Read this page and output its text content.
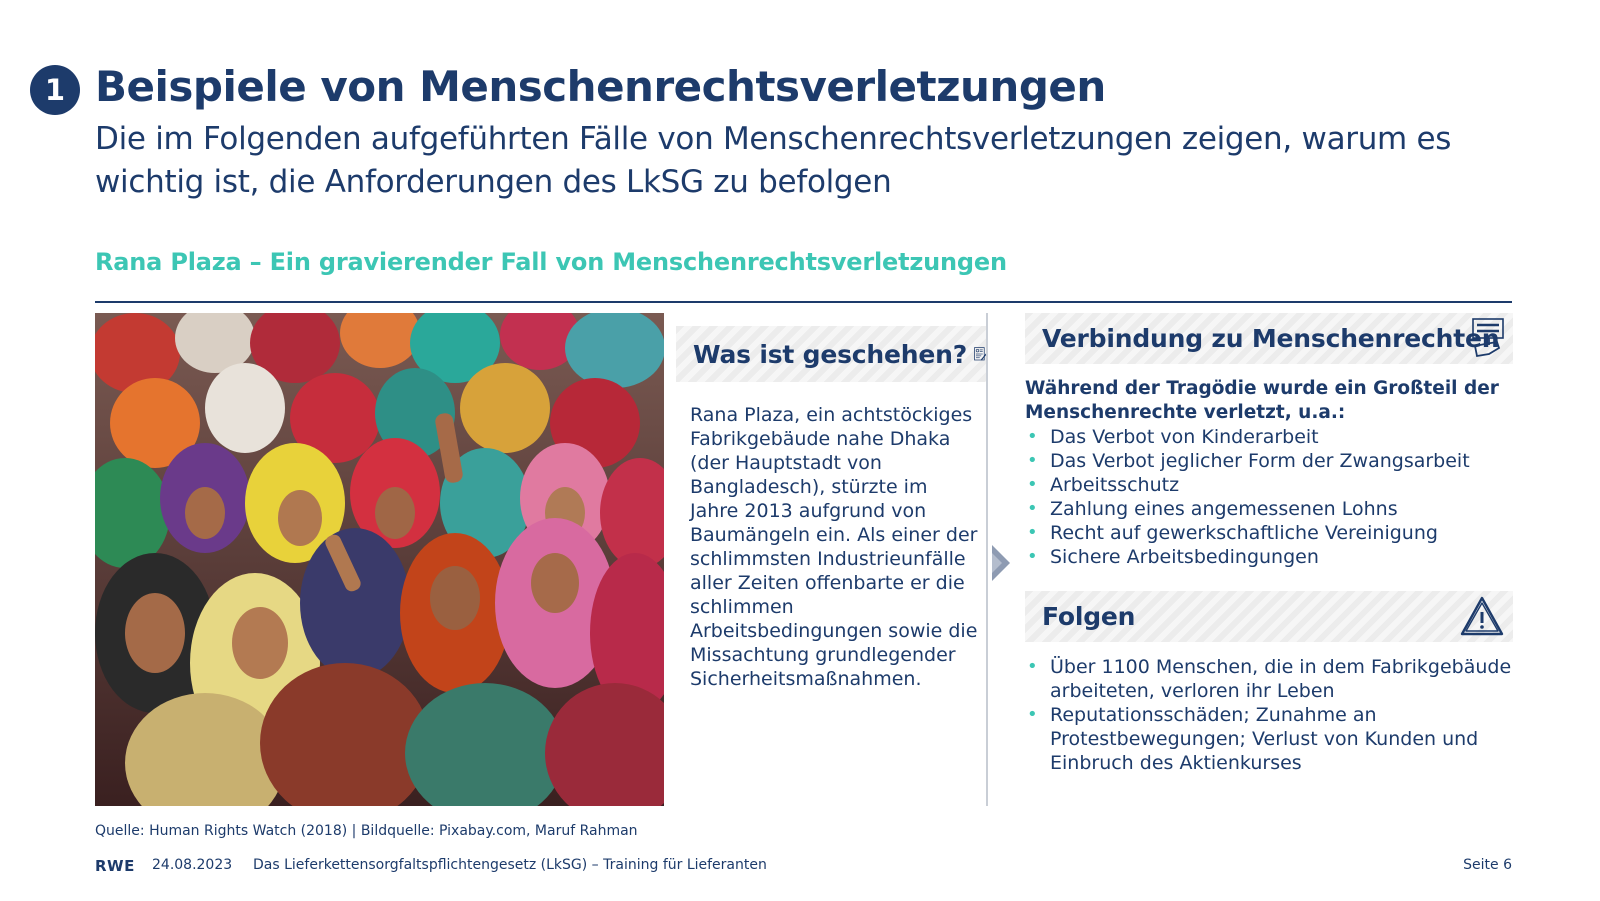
1 Beispiele von Menschenrechtsverletzungen

Die im Folgenden aufgeführten Fälle von Menschenrechtsverletzungen zeigen, warum es wichtig ist, die Anforderungen des LkSG zu befolgen

Rana Plaza – Ein gravierender Fall von Menschenrechtsverletzungen
Was ist geschehen?

Rana Plaza, ein achtstöckiges Fabrikgebäude nahe Dhaka (der Hauptstadt von Bangladesch), stürzte im Jahre 2013 aufgrund von Baumängeln ein. Als einer der schlimmsten Industrieunfälle aller Zeiten offenbarte er die schlimmen Arbeitsbedingungen sowie die Missachtung grundlegender Sicherheitsmaßnahmen.

Verbindung zu Menschenrechten

Während der Tragödie wurde ein Großteil der Menschenrechte verletzt, u.a.:

• Das Verbot von Kinderarbeit
• Das Verbot jeglicher Form der Zwangsarbeit
• Arbeitsschutz
• Zahlung eines angemessenen Lohns
• Recht auf gewerkschaftliche Vereinigung
• Sichere Arbeitsbedingungen
Folgen
• Über 1100 Menschen, die in dem Fabrikgebäude arbeiteten, verloren ihr Leben
• Reputationsschäden; Zunahme an Protestbewegungen; Verlust von Kunden und Einbruch des Aktienkurses

Quelle: Human Rights Watch (2018) | Bildquelle: Pixabay.com, Maruf Rahman

RWE 24.08.2023 Das Lieferkettensorgfaltspflichtengesetz (LkSG) – Training für Lieferanten	Seite 6
